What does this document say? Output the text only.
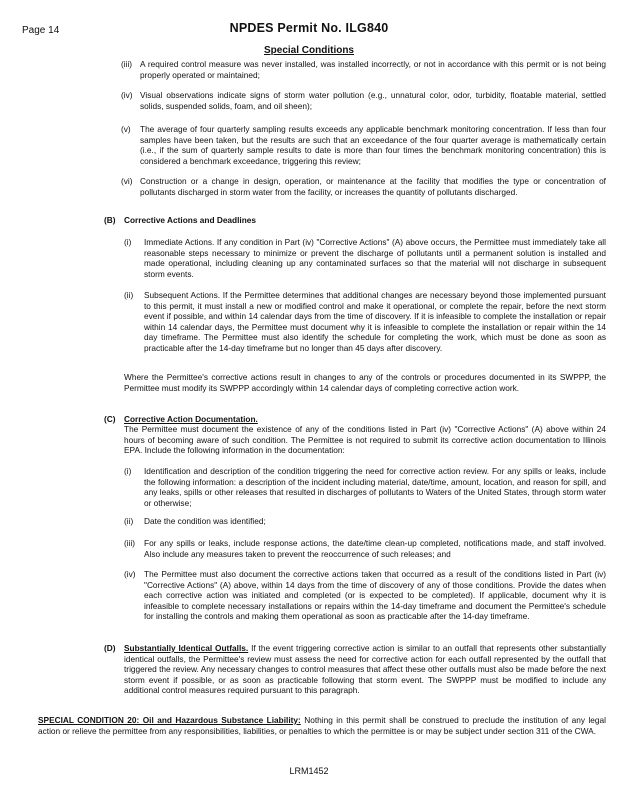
Page 14	NPDES Permit No. ILG840
Special Conditions
(iii) A required control measure was never installed, was installed incorrectly, or not in accordance with this permit or is not being properly operated or maintained;

(iv) Visual observations indicate signs of storm water pollution (e.g., unnatural color, odor, turbidity, floatable material, settled solids, suspended solids, foam, and oil sheen);

(v) The average of four quarterly sampling results exceeds any applicable benchmark monitoring concentration. If less than four samples have been taken, but the results are such that an exceedance of the four quarter average is mathematically certain (i.e., if the sum of quarterly sample results to date is more than four times the benchmark monitoring concentration) this is considered a benchmark exceedance, triggering this review;

(vi) Construction or a change in design, operation, or maintenance at the facility that modifies the type or concentration of pollutants discharged in storm water from the facility, or increases the quantity of pollutants discharged.

(B) Corrective Actions and Deadlines
(i) Immediate Actions. If any condition in Part (iv) "Corrective Actions" (A) above occurs, the Permittee must immediately take all reasonable steps necessary to minimize or prevent the discharge of pollutants until a permanent solution is installed and made operational, including cleaning up any contaminated surfaces so that the material will not discharge in subsequent storm events.

(ii) Subsequent Actions. If the Permittee determines that additional changes are necessary beyond those implemented pursuant to this permit, it must install a new or modified control and make it operational, or complete the repair, before the next storm event if possible, and within 14 calendar days from the time of discovery. If it is infeasible to complete the installation or repair within 14 calendar days, the Permittee must document why it is infeasible to complete the installation or repair within the 14 day timeframe. The Permittee must also identify the schedule for completing the work, which must be done as soon as practicable after the 14-day timeframe but no longer than 45 days after discovery.

Where the Permittee's corrective actions result in changes to any of the controls or procedures documented in its SWPPP, the Permittee must modify its SWPPP accordingly within 14 calendar days of completing corrective action work.

(C) Corrective Action Documentation.

The Permittee must document the existence of any of the conditions listed in Part (iv) "Corrective Actions" (A) above within 24 hours of becoming aware of such condition. The Permittee is not required to submit its corrective action documentation to Illinois EPA. Include the following information in the documentation:

(i) Identification and description of the condition triggering the need for corrective action review. For any spills or leaks, include the following information: a description of the incident including material, date/time, amount, location, and reason for spill, and any leaks, spills or other releases that resulted in discharges of pollutants to Waters of the United States, through storm water or otherwise;

(ii) Date the condition was identified;

(iii) For any spills or leaks, include response actions, the date/time clean-up completed, notifications made, and staff involved. Also include any measures taken to prevent the reoccurrence of such releases; and

(iv) The Permittee must also document the corrective actions taken that occurred as a result of the conditions listed in Part (iv) "Corrective Actions" (A) above, within 14 days from the time of discovery of any of those conditions. Provide the dates when each corrective action was initiated and completed (or is expected to be completed). If applicable, document why it is infeasible to complete necessary installations or repairs within the 14-day timeframe and document the Permittee's schedule for installing the controls and making them operational as soon as practicable after the 14-day timeframe.

(D) Substantially Identical Outfalls. If the event triggering corrective action is similar to an outfall that represents other substantially identical outfalls, the Permittee's review must assess the need for corrective action for each outfall represented by the outfall that triggered the review. Any necessary changes to control measures that affect these other outfalls must also be made before the next storm event if possible, or as soon as practicable following that storm event. The SWPPP must be modified to include any additional control measures required pursuant to this paragraph.

SPECIAL CONDITION 20: Oil and Hazardous Substance Liability: Nothing in this permit shall be construed to preclude the institution of any legal action or relieve the permittee from any responsibilities, liabilities, or penalties to which the permittee is or may be subject under section 311 of the CWA.

LRM1452
